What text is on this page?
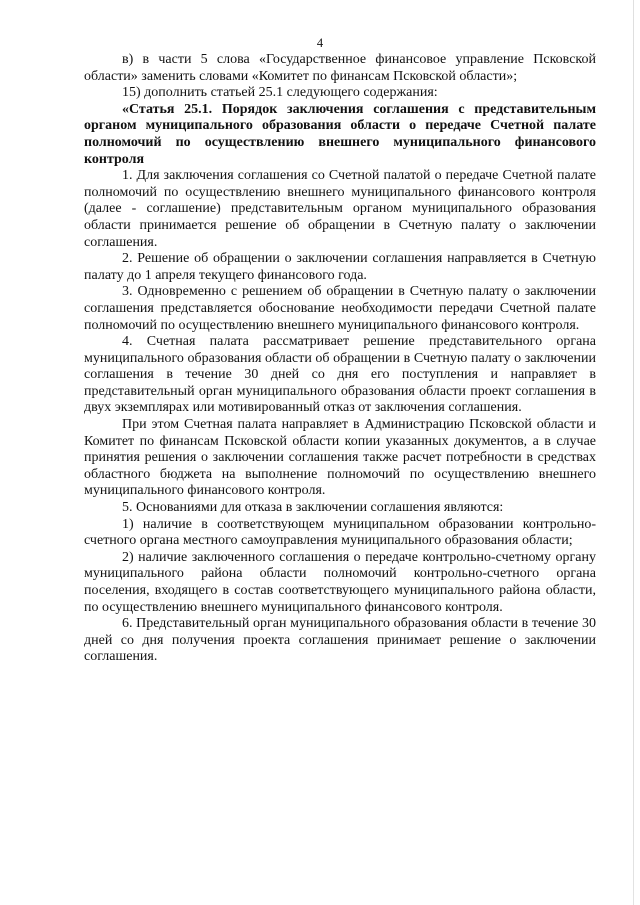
4

в) в части 5 слова «Государственное финансовое управление Псковской области» заменить словами «Комитет по финансам Псковской области»;

15) дополнить статьей 25.1 следующего содержания:

«Статья 25.1. Порядок заключения соглашения с представительным органом муниципального образования области о передаче Счетной палате полномочий по осуществлению внешнего муниципального финансового контроля

1. Для заключения соглашения со Счетной палатой о передаче Счетной палате полномочий по осуществлению внешнего муниципального финансового контроля (далее - соглашение) представительным органом муниципального образования области принимается решение об обращении в Счетную палату о заключении соглашения.

2. Решение об обращении о заключении соглашения направляется в Счетную палату до 1 апреля текущего финансового года.

3. Одновременно с решением об обращении в Счетную палату о заключении соглашения представляется обоснование необходимости передачи Счетной палате полномочий по осуществлению внешнего муниципального финансового контроля.

4. Счетная палата рассматривает решение представительного органа муниципального образования области об обращении в Счетную палату о заключении соглашения в течение 30 дней со дня его поступления и направляет в представительный орган муниципального образования области проект соглашения в двух экземплярах или мотивированный отказ от заключения соглашения.

При этом Счетная палата направляет в Администрацию Псковской области и Комитет по финансам Псковской области копии указанных документов, а в случае принятия решения о заключении соглашения также расчет потребности в средствах областного бюджета на выполнение полномочий по осуществлению внешнего муниципального финансового контроля.

5. Основаниями для отказа в заключении соглашения являются:

1) наличие в соответствующем муниципальном образовании контрольно-счетного органа местного самоуправления муниципального образования области;

2) наличие заключенного соглашения о передаче контрольно-счетному органу муниципального района области полномочий контрольно-счетного органа поселения, входящего в состав соответствующего муниципального района области, по осуществлению внешнего муниципального финансового контроля.

6. Представительный орган муниципального образования области в течение 30 дней со дня получения проекта соглашения принимает решение о заключении соглашения.
